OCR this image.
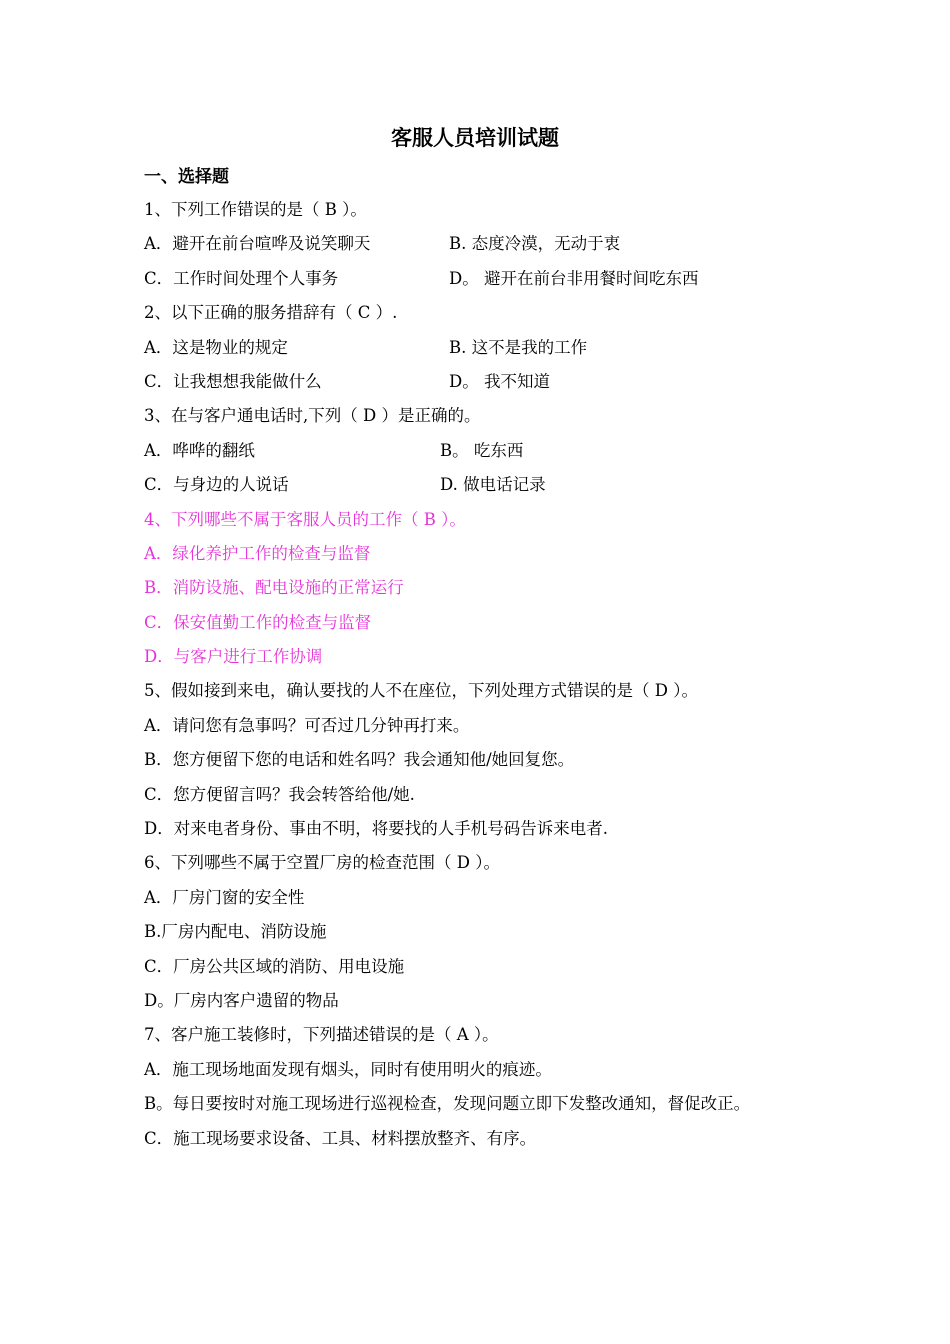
客服人员培训试题
一、选择题
1、下列工作错误的是（ B ）。
A．避开在前台喧哗及说笑聊天	B. 态度冷漠，无动于衷
C．工作时间处理个人事务	D。 避开在前台非用餐时间吃东西
2、以下正确的服务措辞有（ C ）.
A．这是物业的规定	B. 这不是我的工作
C．让我想想我能做什么	D。 我不知道
3、在与客户通电话时,下列（ D ）是正确的。
A．哗哗的翻纸	B。 吃东西
C．与身边的人说话	D. 做电话记录
4、下列哪些不属于客服人员的工作（ B ）。
A．绿化养护工作的检查与监督
B．消防设施、配电设施的正常运行
C．保安值勤工作的检查与监督
D．与客户进行工作协调
5、假如接到来电，确认要找的人不在座位，下列处理方式错误的是（ D ）。
A．请问您有急事吗？可否过几分钟再打来。
B．您方便留下您的电话和姓名吗？我会通知他/她回复您。
C．您方便留言吗？我会转答给他/她.
D．对来电者身份、事由不明，将要找的人手机号码告诉来电者.
6、下列哪些不属于空置厂房的检查范围（ D ）。
A．厂房门窗的安全性
B.厂房内配电、消防设施
C．厂房公共区域的消防、用电设施
D。厂房内客户遗留的物品
7、客户施工装修时，下列描述错误的是（ A ）。
A．施工现场地面发现有烟头，同时有使用明火的痕迹。
B。每日要按时对施工现场进行巡视检查，发现问题立即下发整改通知，督促改正。
C．施工现场要求设备、工具、材料摆放整齐、有序。
